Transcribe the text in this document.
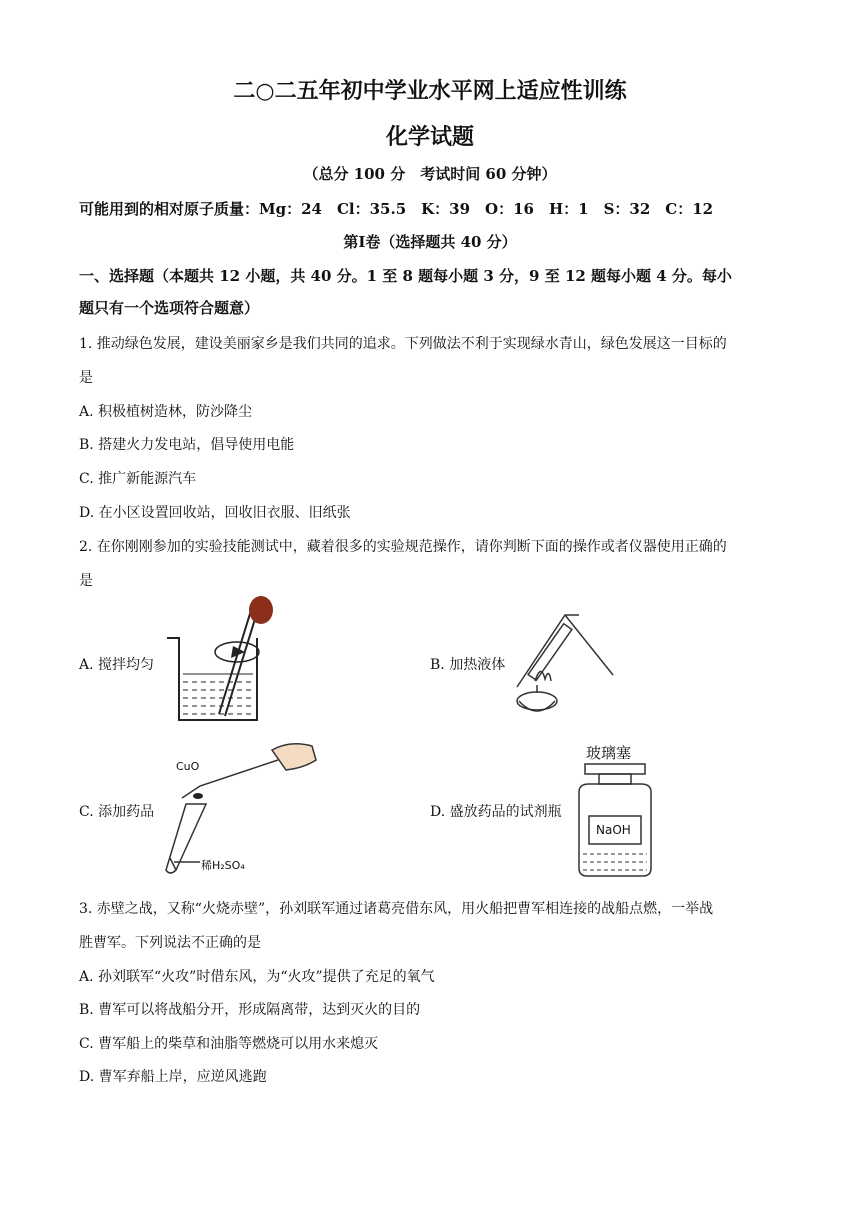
二○二五年初中学业水平网上适应性训练
化学试题
（总分 100 分　考试时间 60 分钟）
可能用到的相对原子质量：Mg：24　Cl：35.5　K：39　O：16　H：1　S：32　C：12
第Ⅰ卷（选择题共 40 分）
一、选择题（本题共 12 小题，共 40 分。1 至 8 题每小题 3 分，9 至 12 题每小题 4 分。每小
题只有一个选项符合题意）
1. 推动绿色发展，建设美丽家乡是我们共同的追求。下列做法不利于实现绿水青山，绿色发展这一目标的
是
A. 积极植树造林，防沙降尘
B. 搭建火力发电站，倡导使用电能
C. 推广新能源汽车
D. 在小区设置回收站，回收旧衣服、旧纸张
2. 在你刚刚参加的实验技能测试中，藏着很多的实验规范操作，请你判断下面的操作或者仪器使用正确的
是
A. 搅拌均匀	B. 加热液体
C. 添加药品	D. 盛放药品的试剂瓶
CuO
稀H₂SO₄
玻璃塞
NaOH
3. 赤壁之战，又称“火烧赤壁”，孙刘联军通过诸葛亮借东风，用火船把曹军相连接的战船点燃，一举战
胜曹军。下列说法不正确的是
A. 孙刘联军“火攻”时借东风，为“火攻”提供了充足的氧气
B. 曹军可以将战船分开，形成隔离带，达到灭火的目的
C. 曹军船上的柴草和油脂等燃烧可以用水来熄灭
D. 曹军弃船上岸，应逆风逃跑
